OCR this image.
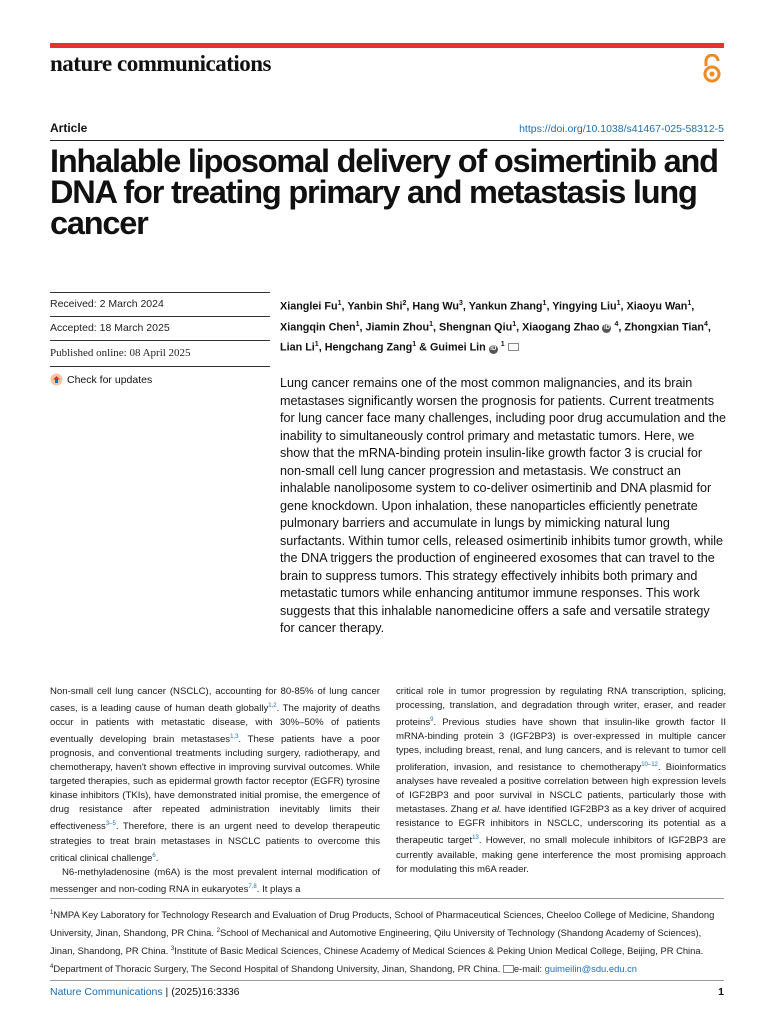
nature communications
Article	https://doi.org/10.1038/s41467-025-58312-5
Inhalable liposomal delivery of osimertinib and DNA for treating primary and metastasis lung cancer
Received: 2 March 2024
Accepted: 18 March 2025
Published online: 08 April 2025
Check for updates
Xianglei Fu$^1$, Yanbin Shi$^2$, Hang Wu$^3$, Yankun Zhang$^1$, Yingying Liu$^1$, Xiaoyu Wan$^1$, Xiangqin Chen$^1$, Jiamin Zhou$^1$, Shengnan Qiu$^1$, Xiaogang Zhao iD $^4$, Zhongxian Tian$^4$, Lian Li$^1$, Hengchang Zang$^1$ & Guimei Lin iD $^1$

Lung cancer remains one of the most common malignancies, and its brain metastases significantly worsen the prognosis for patients. Current treatments for lung cancer face many challenges, including poor drug accumulation and the inability to simultaneously control primary and metastatic tumors. Here, we show that the mRNA-binding protein insulin-like growth factor 3 is crucial for non-small cell lung cancer progression and metastasis. We construct an inhalable nanoliposome system to co-deliver osimertinib and DNA plasmid for gene knockdown. Upon inhalation, these nanoparticles efficiently penetrate pulmonary barriers and accumulate in lungs by mimicking natural lung surfactants. Within tumor cells, released osimertinib inhibits tumor growth, while the DNA triggers the production of engineered exosomes that can travel to the brain to suppress tumors. This strategy effectively inhibits both primary and metastatic tumors while enhancing antitumor immune responses. This work suggests that this inhalable nanomedicine offers a safe and versatile strategy for cancer therapy.

Non-small cell lung cancer (NSCLC), accounting for 80-85% of lung cancer cases, is a leading cause of human death globally$^{1,2}$. The majority of deaths occur in patients with metastatic disease, with 30%–50% of patients eventually developing brain metastases$^{1,3}$. These patients have a poor prognosis, and conventional treatments including surgery, radiotherapy, and chemotherapy, haven't shown effective in improving survival outcomes. While targeted therapies, such as epidermal growth factor receptor (EGFR) tyrosine kinase inhibitors (TKIs), have demonstrated initial promise, the emergence of drug resistance after repeated administration inevitably limits their effectiveness$^{3-5}$. Therefore, there is an urgent need to develop therapeutic strategies to treat brain metastases in NSCLC patients to overcome this critical clinical challenge$^6$.

N6-methyladenosine (m6A) is the most prevalent internal modification of messenger and non-coding RNA in eukaryotes$^{7,8}$. It plays a

critical role in tumor progression by regulating RNA transcription, splicing, processing, translation, and degradation through writer, eraser, and reader proteins$^9$. Previous studies have shown that insulin-like growth factor II mRNA-binding protein 3 (IGF2BP3) is over-expressed in multiple cancer types, including breast, renal, and lung cancers, and is relevant to tumor cell proliferation, invasion, and resistance to chemotherapy$^{10-12}$. Bioinformatics analyses have revealed a positive correlation between high expression levels of IGF2BP3 and poor survival in NSCLC patients, particularly those with metastases. Zhang et al. have identified IGF2BP3 as a key driver of acquired resistance to EGFR inhibitors in NSCLC, underscoring its potential as a therapeutic target$^{13}$. However, no small molecule inhibitors of IGF2BP3 are currently available, making gene interference the most promising approach for modulating this m6A reader.

$^1$NMPA Key Laboratory for Technology Research and Evaluation of Drug Products, School of Pharmaceutical Sciences, Cheeloo College of Medicine, Shandong University, Jinan, Shandong, PR China. $^2$School of Mechanical and Automotive Engineering, Qilu University of Technology (Shandong Academy of Sciences), Jinan, Shandong, PR China. $^3$Institute of Basic Medical Sciences, Chinese Academy of Medical Sciences & Peking Union Medical College, Beijing, PR China. $^4$Department of Thoracic Surgery, The Second Hospital of Shandong University, Jinan, Shandong, PR China. e-mail: guimeilin@sdu.edu.cn
Nature Communications | (2025)16:3336	1
